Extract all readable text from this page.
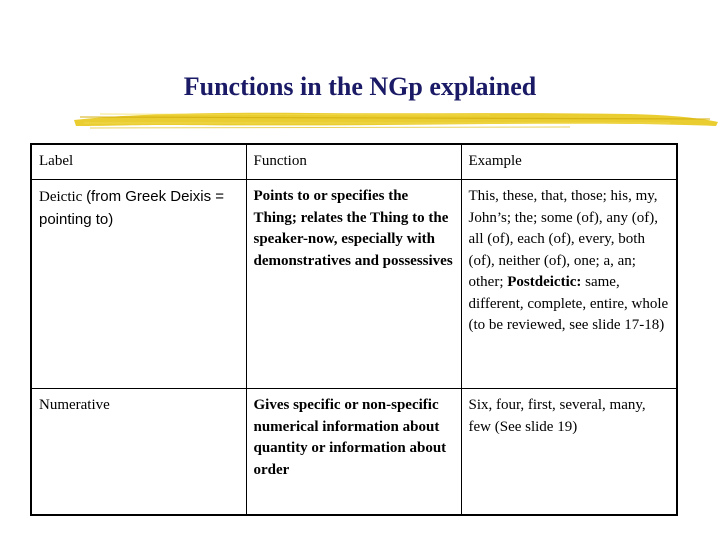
Functions in the NGp explained
Label	Function	Example
Deictic (from Greek Deixis = pointing to)	Points to or specifies the Thing; relates the Thing to the speaker-now, especially with demonstratives and possessives	This, these, that, those; his, my, John’s; the; some (of), any (of), all (of), each (of), every, both (of), neither (of), one; a, an; other; Postdeictic: same, different, complete, entire, whole (to be reviewed, see slide 17-18)
Numerative	Gives specific or non-specific numerical information about quantity or information about order	Six, four, first, several, many, few (See slide 19)
